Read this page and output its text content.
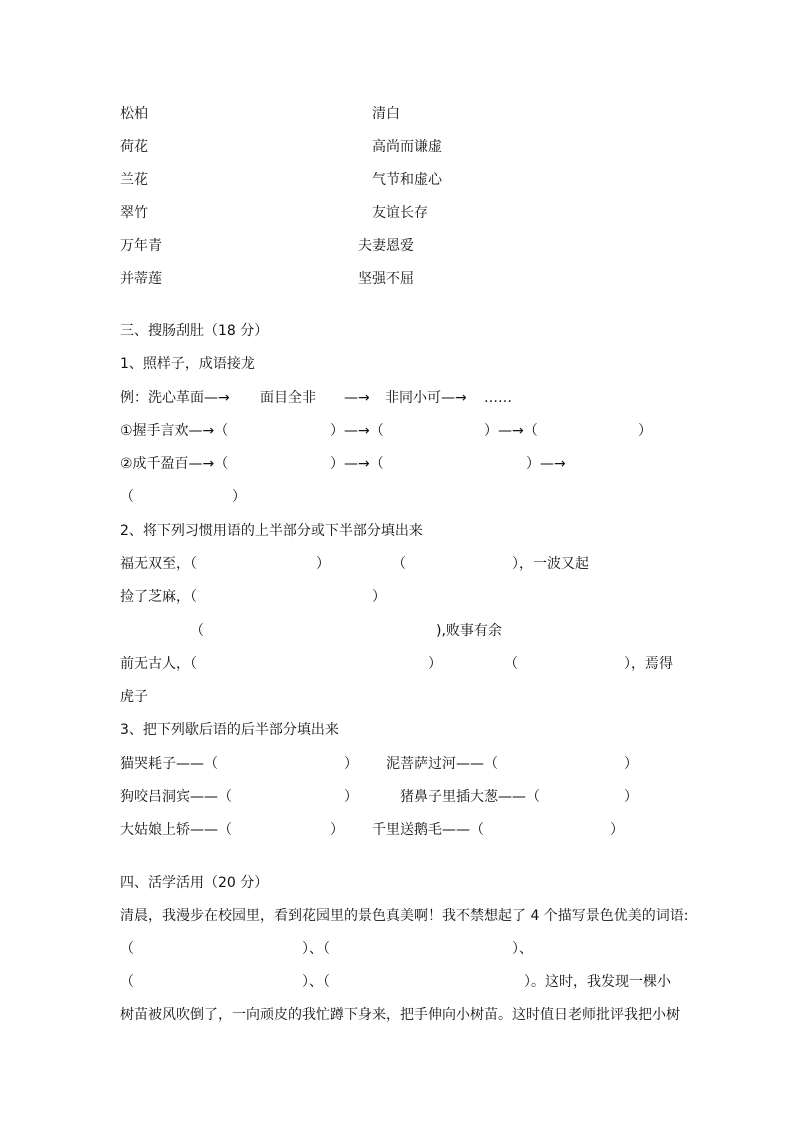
松柏	清白
荷花	高尚而谦虚
兰花	气节和虚心
翠竹	友谊长存
万年青	夫妻恩爱
并蒂莲	坚强不屈
三、搜肠刮肚（18 分）
1、照样子，成语接龙
例：洗心革面—→ 面目全非 —→ 非同小可—→ ……
①握手言欢—→（	）—→（	）—→（	）
②成千盈百—→（	）—→（	）—→
（	）
2、将下列习惯用语的上半部分或下半部分填出来
福无双至，（	）	（	），一波又起
捡了芝麻，（	）
（	),败事有余
前无古人，（	）	（	），焉得
虎子
3、把下列歇后语的后半部分填出来
猫哭耗子——（	） 泥菩萨过河——（	）
狗咬吕洞宾——（	）	猪鼻子里插大葱——（	）
大姑娘上轿——（	） 千里送鹅毛——（	）
四、活学活用（20 分）
清晨，我漫步在校园里，看到花园里的景色真美啊！我不禁想起了 4 个描写景色优美的词语:
（	）、（	）、
（	）、（	）。这时，我发现一棵小
树苗被风吹倒了，一向顽皮的我忙蹲下身来，把手伸向小树苗。这时值日老师批评我把小树
